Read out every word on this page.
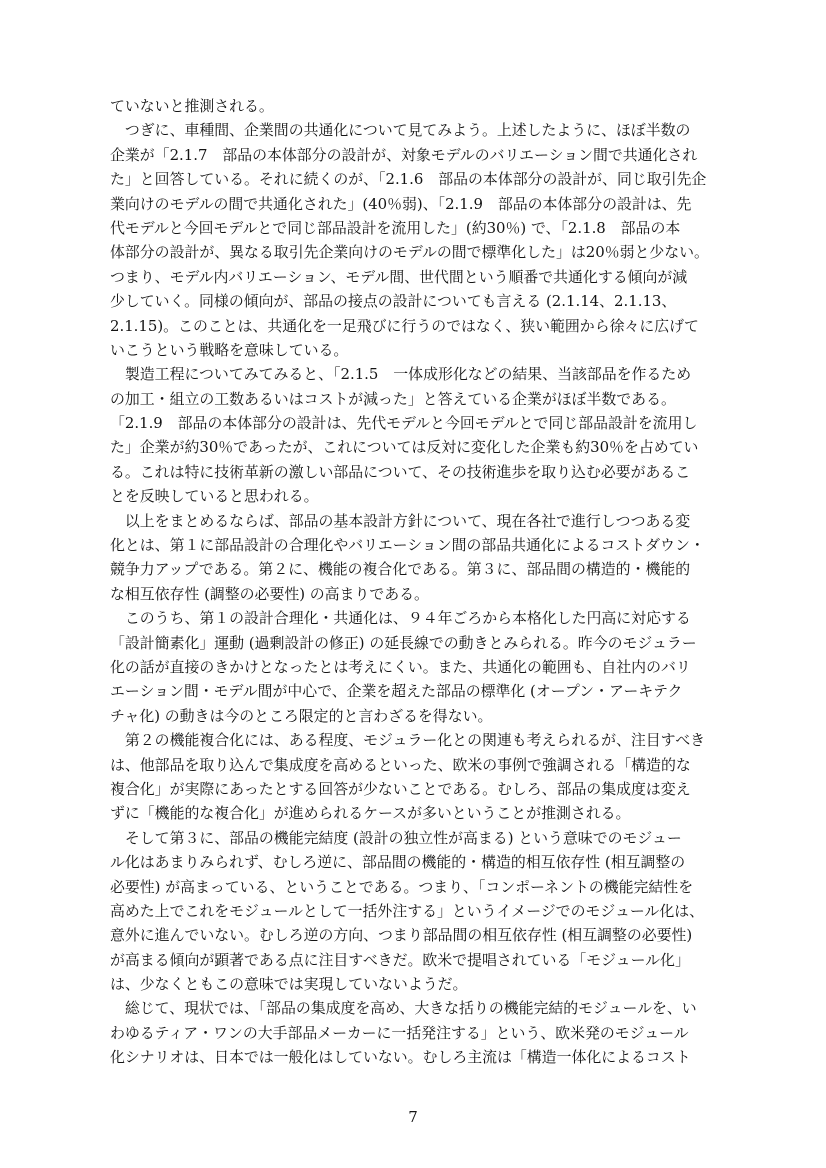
ていないと推測される。
　つぎに、車種間、企業間の共通化について見てみよう。上述したように、ほぼ半数の
企業が「2.1.7　部品の本体部分の設計が、対象モデルのバリエーション間で共通化され
た」と回答している。それに続くのが、「2.1.6　部品の本体部分の設計が、同じ取引先企
業向けのモデルの間で共通化された」(40％弱)、「2.1.9　部品の本体部分の設計は、先
代モデルと今回モデルとで同じ部品設計を流用した」(約30％) で、「2.1.8　部品の本
体部分の設計が、異なる取引先企業向けのモデルの間で標準化した」は20％弱と少ない。
つまり、モデル内バリエーション、モデル間、世代間という順番で共通化する傾向が減
少していく。同様の傾向が、部品の接点の設計についても言える (2.1.14、2.1.13、
2.1.15)。このことは、共通化を一足飛びに行うのではなく、狭い範囲から徐々に広げて
いこうという戦略を意味している。
　製造工程についてみてみると、「2.1.5　一体成形化などの結果、当該部品を作るため
の加工・組立の工数あるいはコストが減った」と答えている企業がほぼ半数である。
「2.1.9　部品の本体部分の設計は、先代モデルと今回モデルとで同じ部品設計を流用し
た」企業が約30％であったが、これについては反対に変化した企業も約30％を占めてい
る。これは特に技術革新の激しい部品について、その技術進歩を取り込む必要があるこ
とを反映していると思われる。
　以上をまとめるならば、部品の基本設計方針について、現在各社で進行しつつある変
化とは、第１に部品設計の合理化やバリエーション間の部品共通化によるコストダウン・
競争力アップである。第２に、機能の複合化である。第３に、部品間の構造的・機能的
な相互依存性 (調整の必要性) の高まりである。
　このうち、第１の設計合理化・共通化は、９４年ごろから本格化した円高に対応する
「設計簡素化」運動 (過剰設計の修正) の延長線での動きとみられる。昨今のモジュラー
化の話が直接のきかけとなったとは考えにくい。また、共通化の範囲も、自社内のバリ
エーション間・モデル間が中心で、企業を超えた部品の標準化 (オープン・アーキテク
チャ化) の動きは今のところ限定的と言わざるを得ない。
　第２の機能複合化には、ある程度、モジュラー化との関連も考えられるが、注目すべき
は、他部品を取り込んで集成度を高めるといった、欧米の事例で強調される「構造的な
複合化」が実際にあったとする回答が少ないことである。むしろ、部品の集成度は変え
ずに「機能的な複合化」が進められるケースが多いということが推測される。
　そして第３に、部品の機能完結度 (設計の独立性が高まる) という意味でのモジュー
ル化はあまりみられず、むしろ逆に、部品間の機能的・構造的相互依存性 (相互調整の
必要性) が高まっている、ということである。つまり、「コンポーネントの機能完結性を
高めた上でこれをモジュールとして一括外注する」というイメージでのモジュール化は、
意外に進んでいない。むしろ逆の方向、つまり部品間の相互依存性 (相互調整の必要性)
が高まる傾向が顕著である点に注目すべきだ。欧米で提唱されている「モジュール化」
は、少なくともこの意味では実現していないようだ。
　総じて、現状では、「部品の集成度を高め、大きな括りの機能完結的モジュールを、い
わゆるティア・ワンの大手部品メーカーに一括発注する」という、欧米発のモジュール
化シナリオは、日本では一般化はしていない。むしろ主流は「構造一体化によるコスト
7
